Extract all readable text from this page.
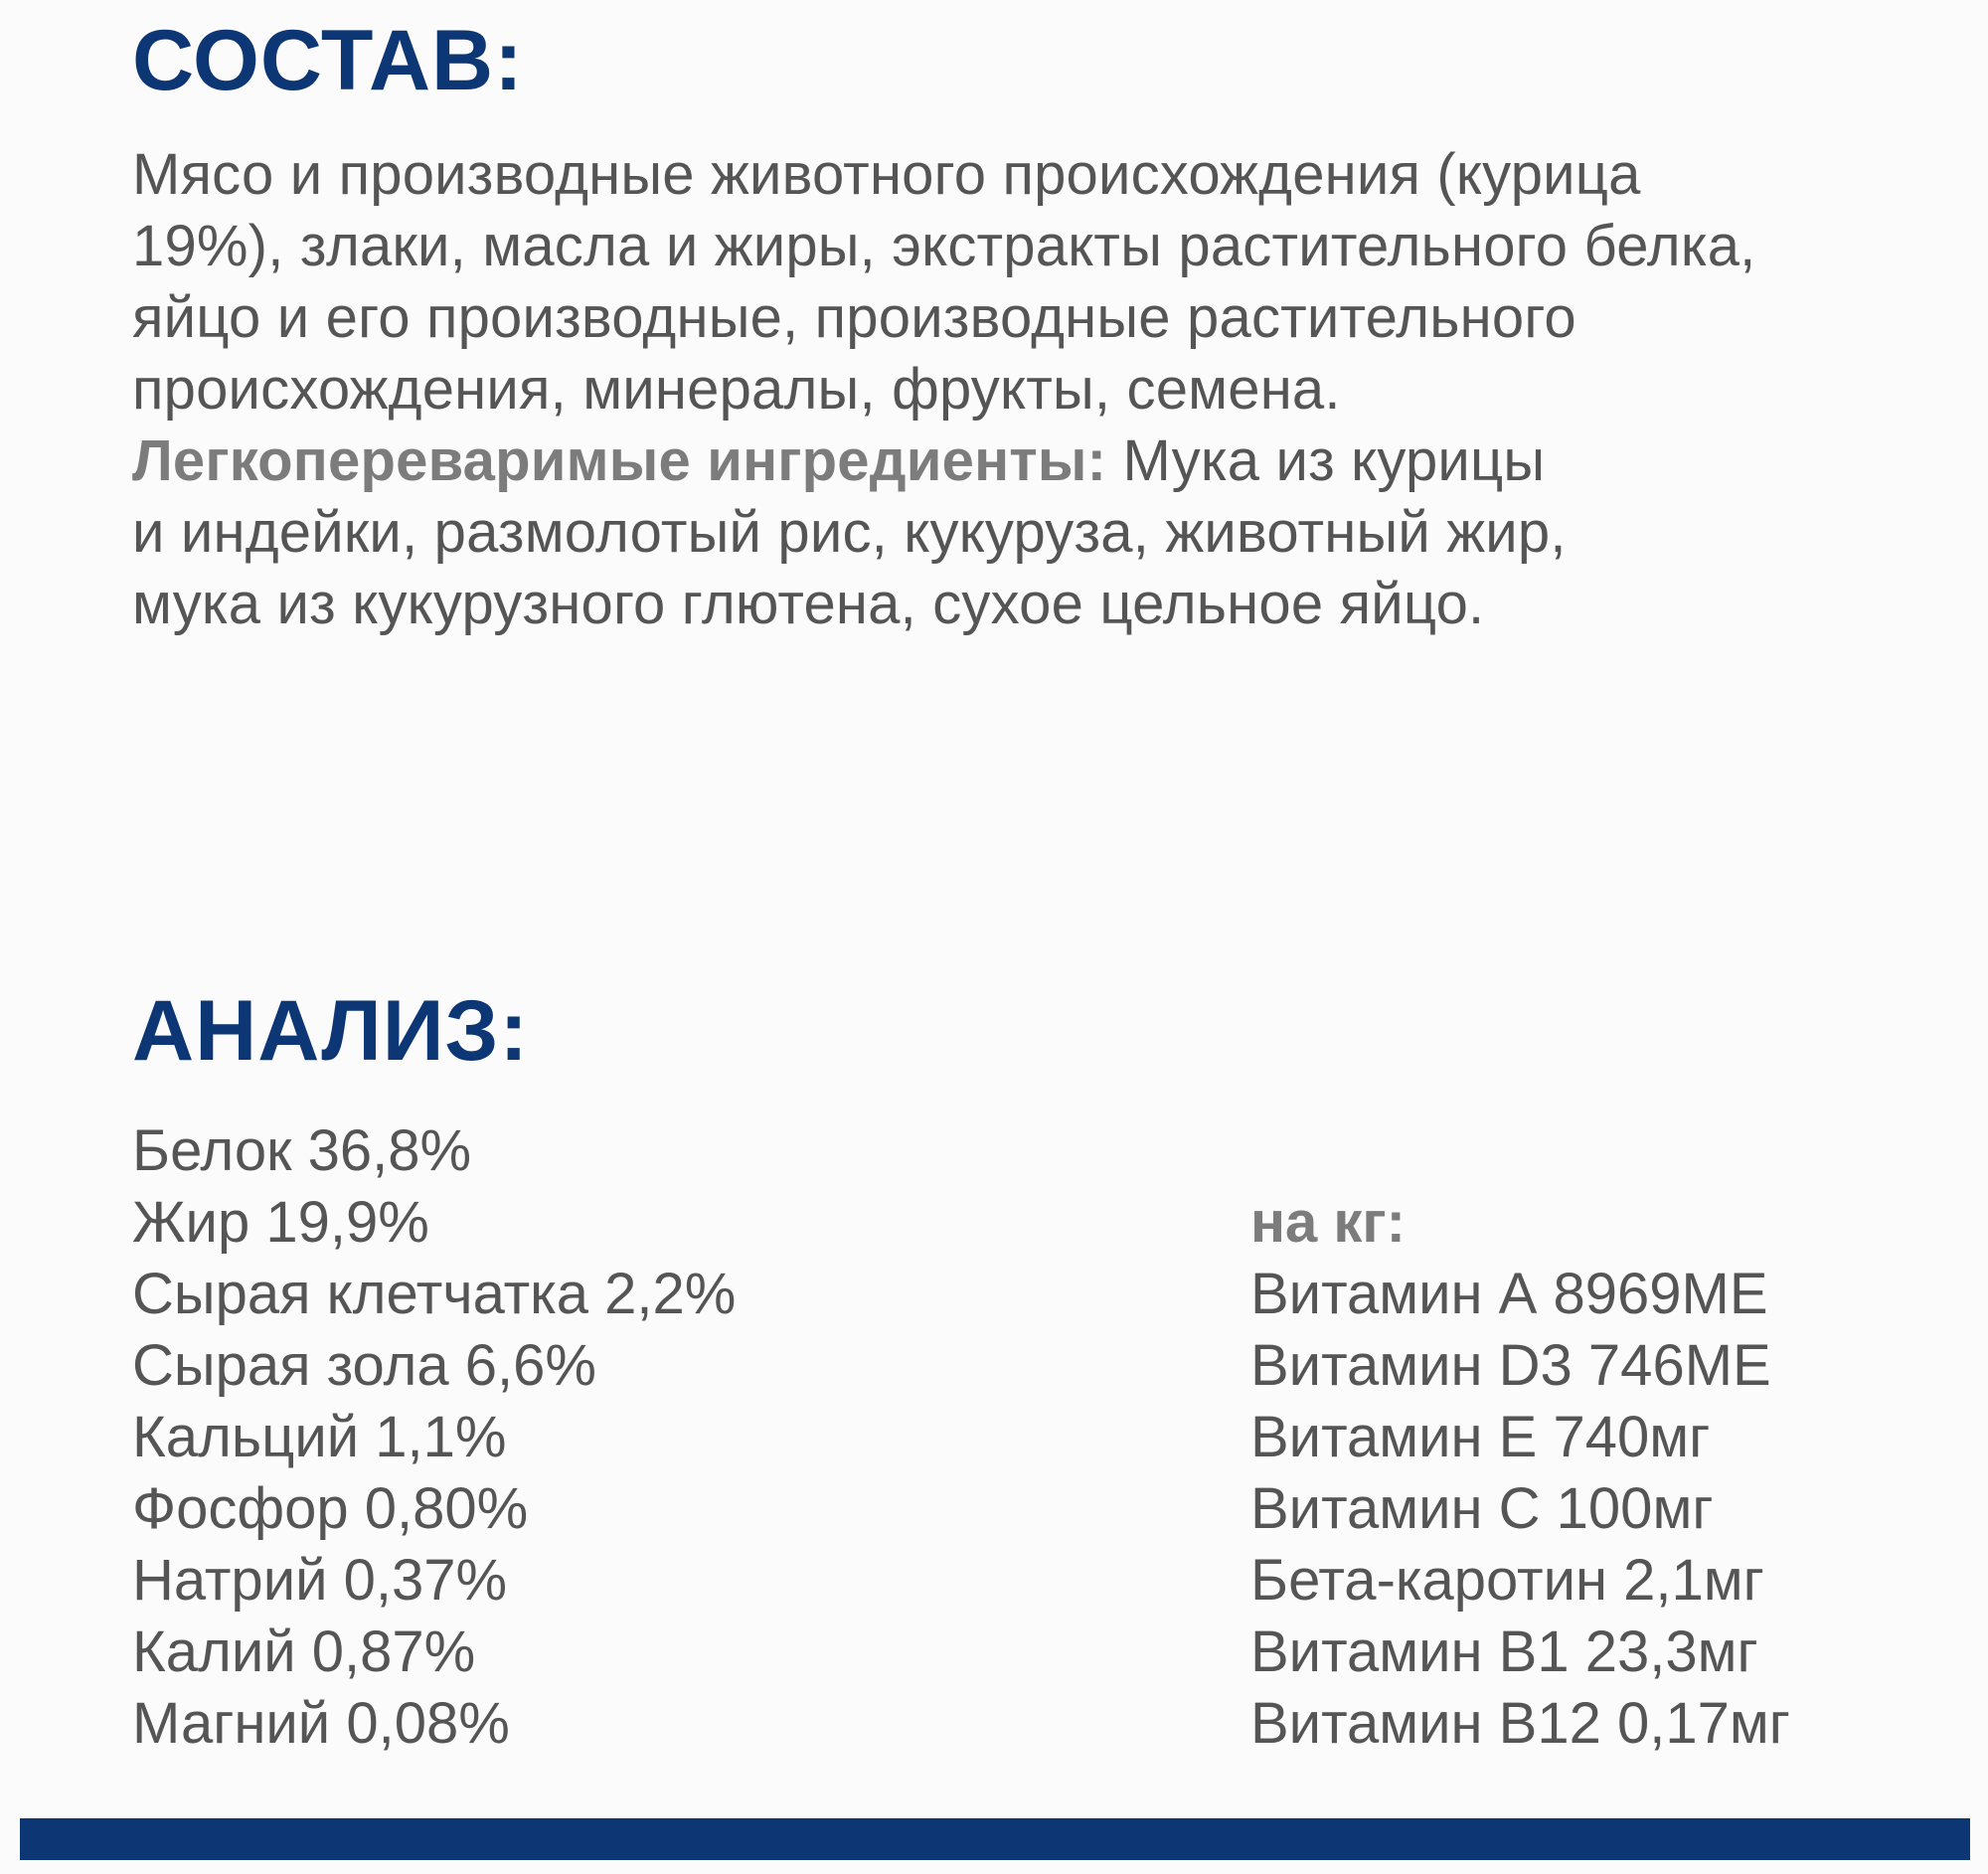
СОСТАВ:

Мясо и производные животного происхождения (курица
19%), злаки, масла и жиры, экстракты растительного белка,
яйцо и его производные, производные растительного
происхождения, минералы, фрукты, семена.
Легкопереваримые ингредиенты: Мука из курицы
и индейки, размолотый рис, кукуруза, животный жир,
мука из кукурузного глютена, сухое цельное яйцо.

АНАЛИЗ:
Белок 36,8%
Жир 19,9%
Сырая клетчатка 2,2%
Сырая зола 6,6%
Кальций 1,1%
Фосфор 0,80%
Натрий 0,37%
Калий 0,87%
Магний 0,08%
на кг:
Витамин А 8969МЕ
Витамин D3 746МЕ
Витамин Е 740мг
Витамин С 100мг
Бета-каротин 2,1мг
Витамин В1 23,3мг
Витамин В12 0,17мг
